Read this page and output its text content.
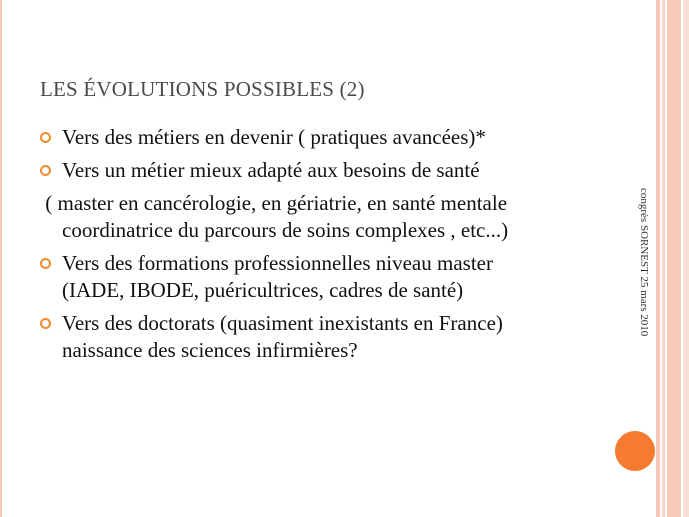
LES ÉVOLUTIONS POSSIBLES (2)
Vers des métiers en devenir ( pratiques avancées)*
Vers un métier mieux adapté aux besoins de santé
( master en cancérologie, en gériatrie, en santé mentale
coordinatrice du parcours de soins complexes , etc...)
Vers des formations professionnelles niveau master
(IADE, IBODE, puéricultrices, cadres de santé)
Vers des doctorats (quasiment inexistants en France)
naissance des sciences infirmières?
congrès SORNEST 25 mars 2010
